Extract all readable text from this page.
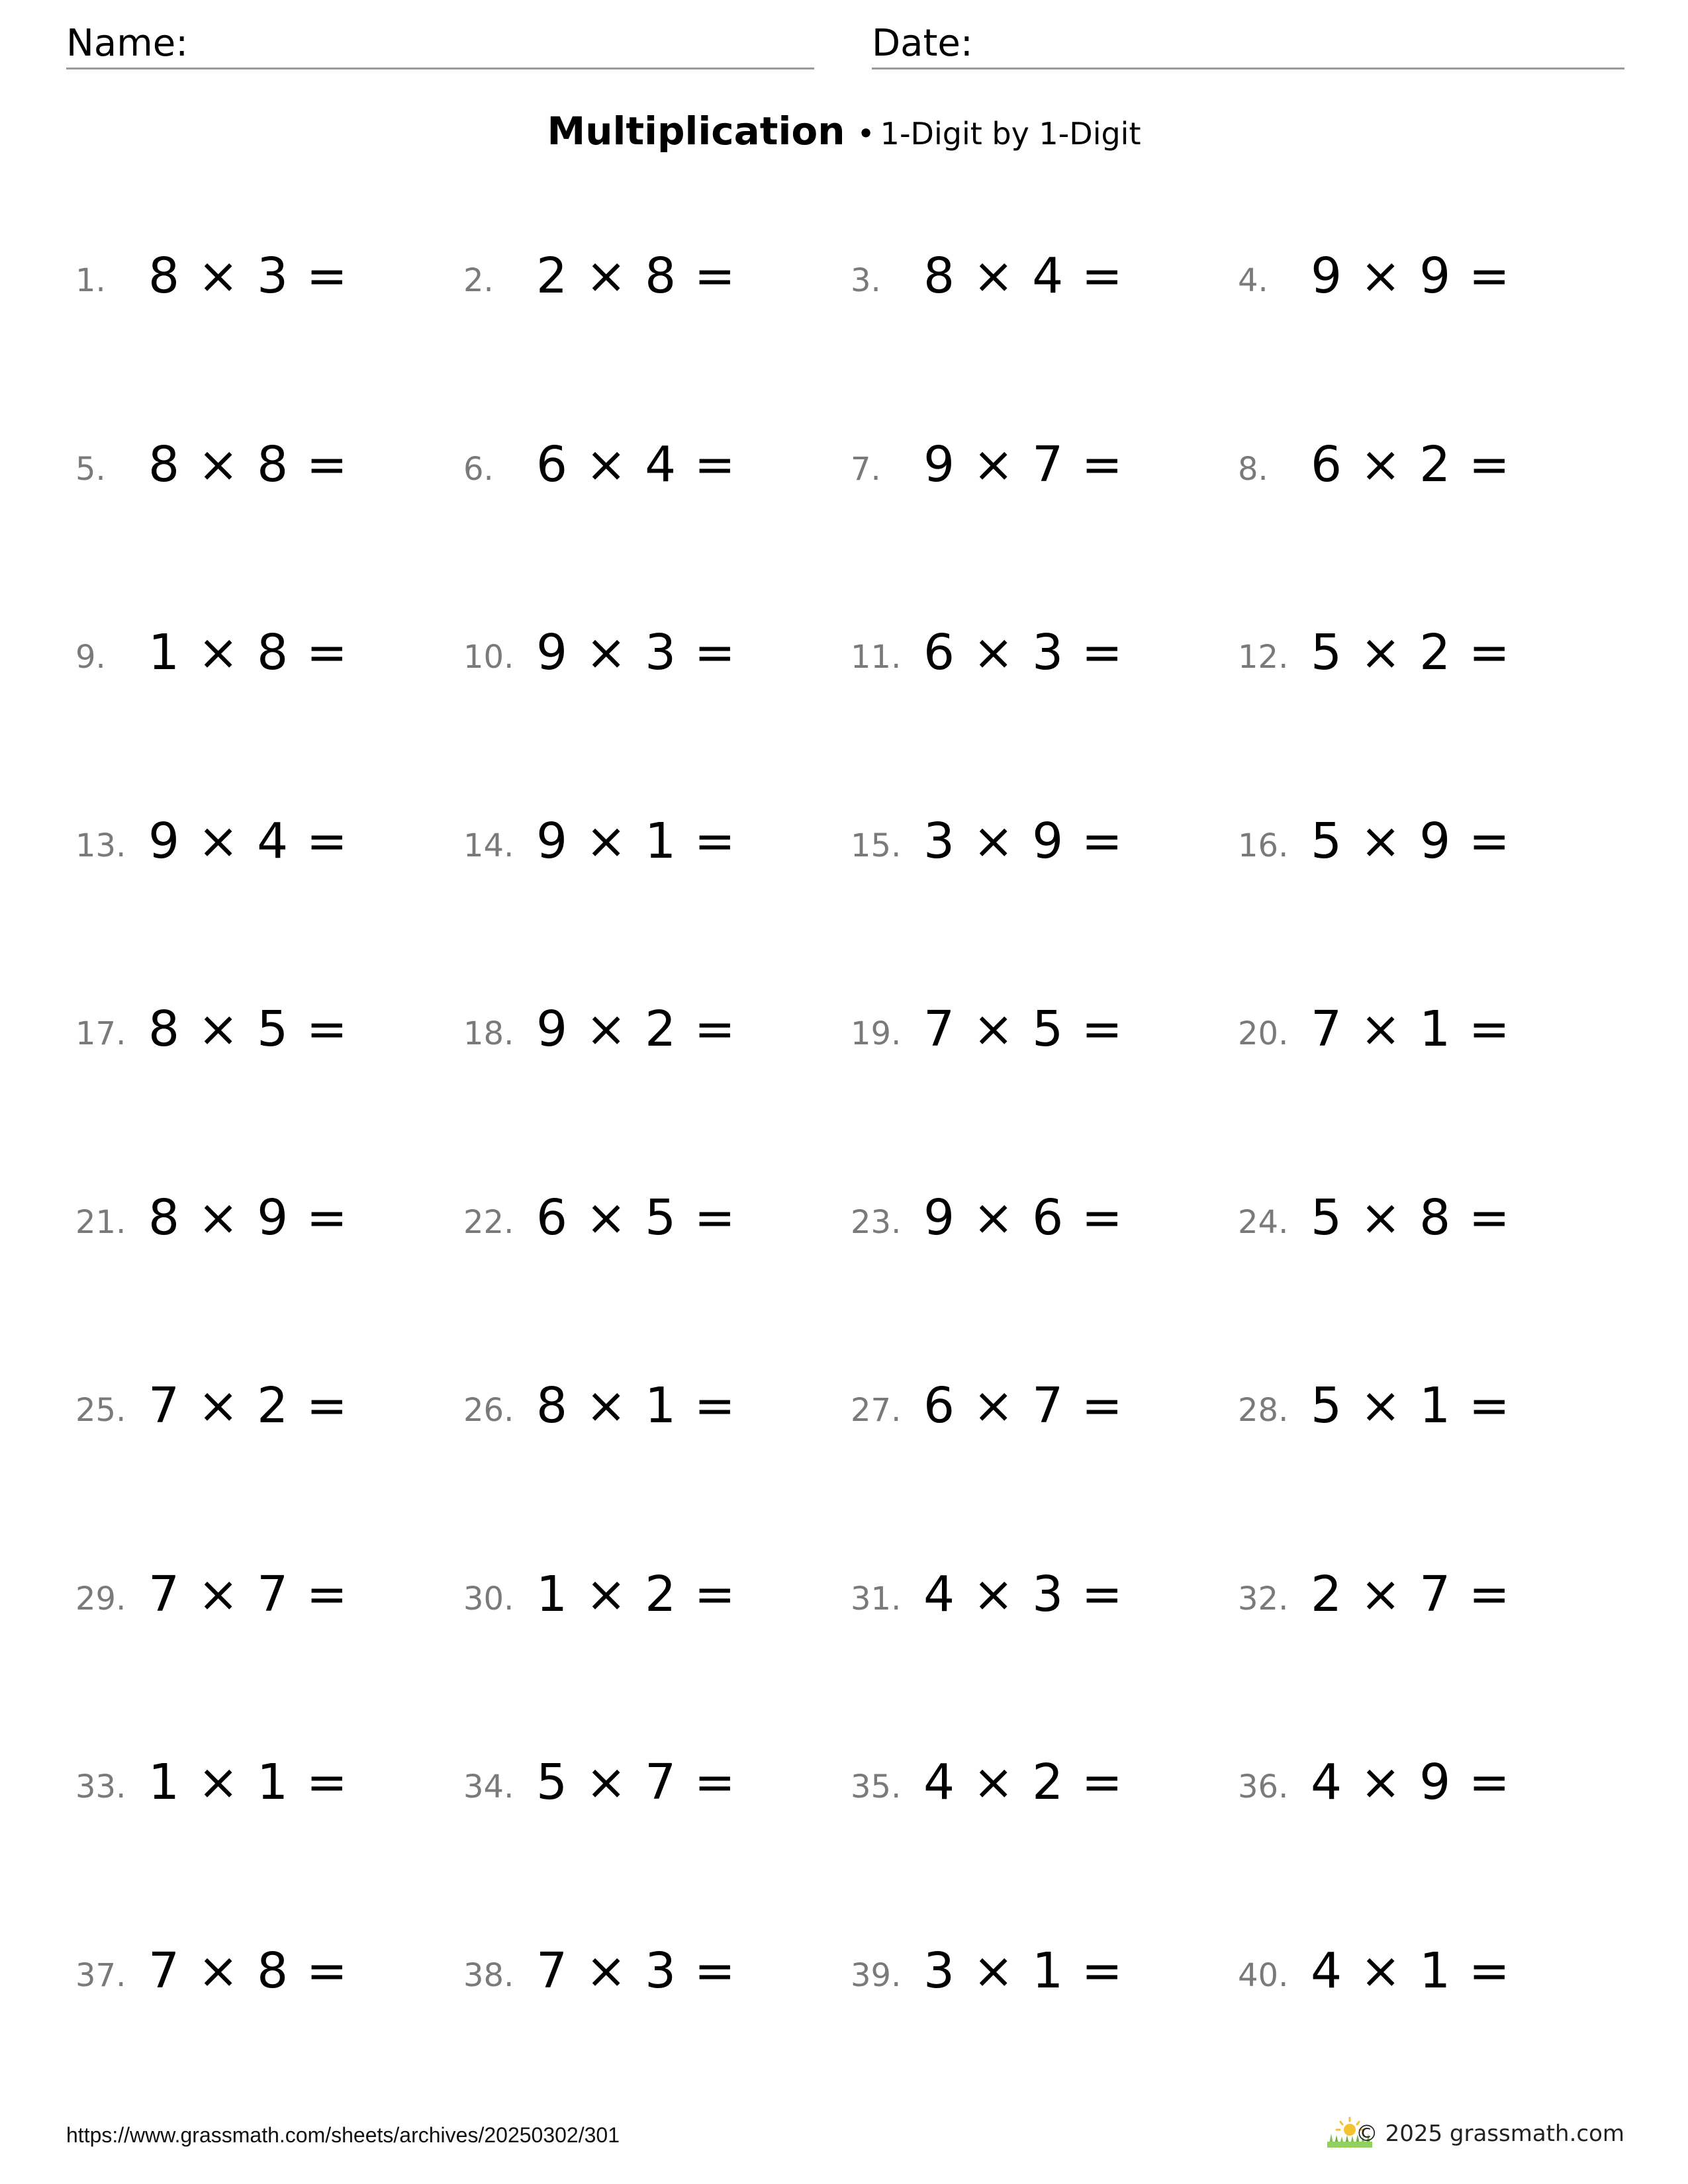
Name:	Date:
Multiplication • 1-Digit by 1-Digit
1. 8 × 3 =	2. 2 × 8 =	3. 8 × 4 =	4. 9 × 9 =
5. 8 × 8 =	6. 6 × 4 =	7. 9 × 7 =	8. 6 × 2 =
9. 1 × 8 =	10. 9 × 3 =	11. 6 × 3 =	12. 5 × 2 =
13. 9 × 4 =	14. 9 × 1 =	15. 3 × 9 =	16. 5 × 9 =
17. 8 × 5 =	18. 9 × 2 =	19. 7 × 5 =	20. 7 × 1 =
21. 8 × 9 =	22. 6 × 5 =	23. 9 × 6 =	24. 5 × 8 =
25. 7 × 2 =	26. 8 × 1 =	27. 6 × 7 =	28. 5 × 1 =
29. 7 × 7 =	30. 1 × 2 =	31. 4 × 3 =	32. 2 × 7 =
33. 1 × 1 =	34. 5 × 7 =	35. 4 × 2 =	36. 4 × 9 =
37. 7 × 8 =	38. 7 × 3 =	39. 3 × 1 =	40. 4 × 1 =
https://www.grassmath.com/sheets/archives/20250302/301	© 2025 grassmath.com
